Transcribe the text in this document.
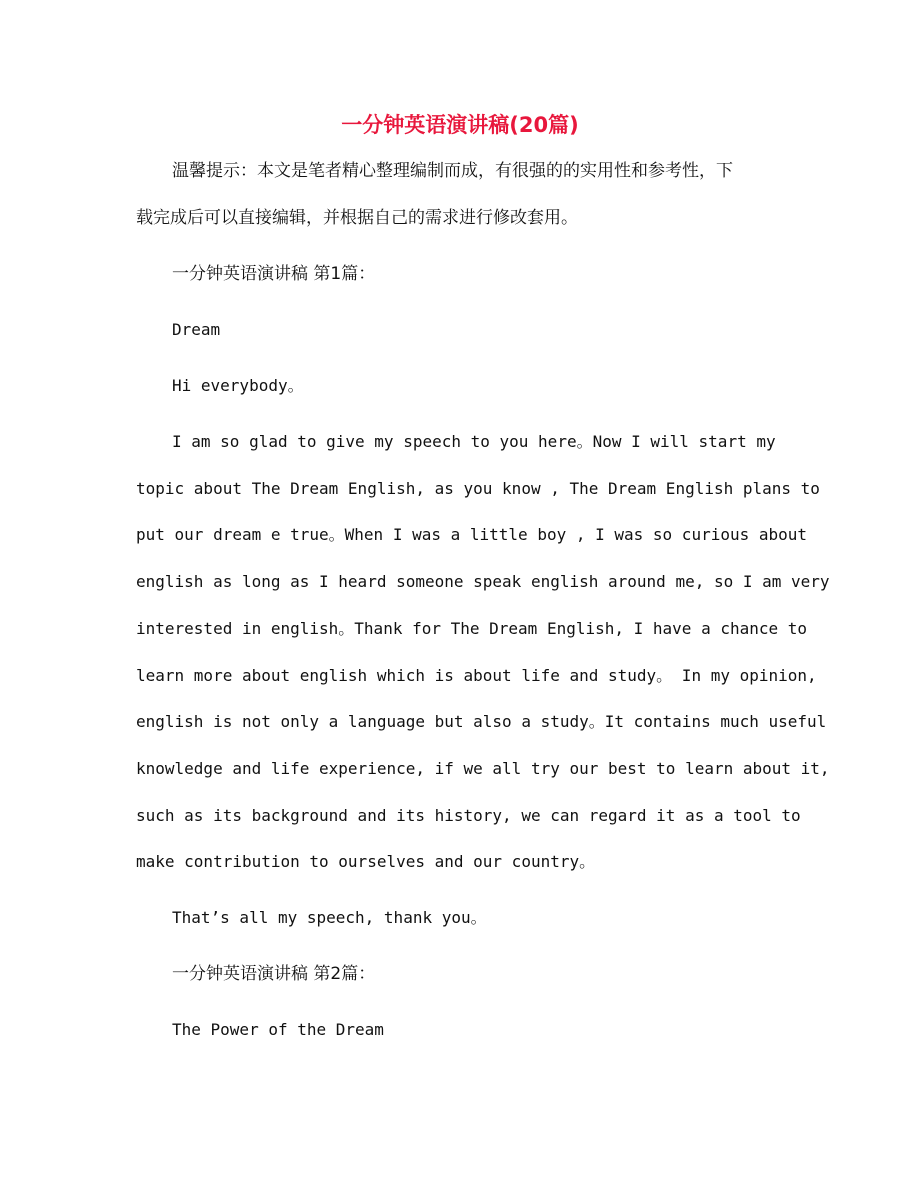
一分钟英语演讲稿(20篇)

温馨提示：本文是笔者精心整理编制而成，有很强的的实用性和参考性，下

载完成后可以直接编辑，并根据自己的需求进行修改套用。

一分钟英语演讲稿 第1篇：

Dream

Hi everybody。

I am so glad to give my speech to you here。Now I will start my

topic about The Dream English, as you know , The Dream English plans to

put our dream e true。When I was a little boy , I was so curious about

english as long as I heard someone speak english around me, so I am very

interested in english。Thank for The Dream English, I have a chance to

learn more about english which is about life and study。 In my opinion,

english is not only a language but also a study。It contains much useful

knowledge and life experience, if we all try our best to learn about it,

such as its background and its history, we can regard it as a tool to

make contribution to ourselves and our country。

That’s all my speech, thank you。

一分钟英语演讲稿 第2篇：

The Power of the Dream
